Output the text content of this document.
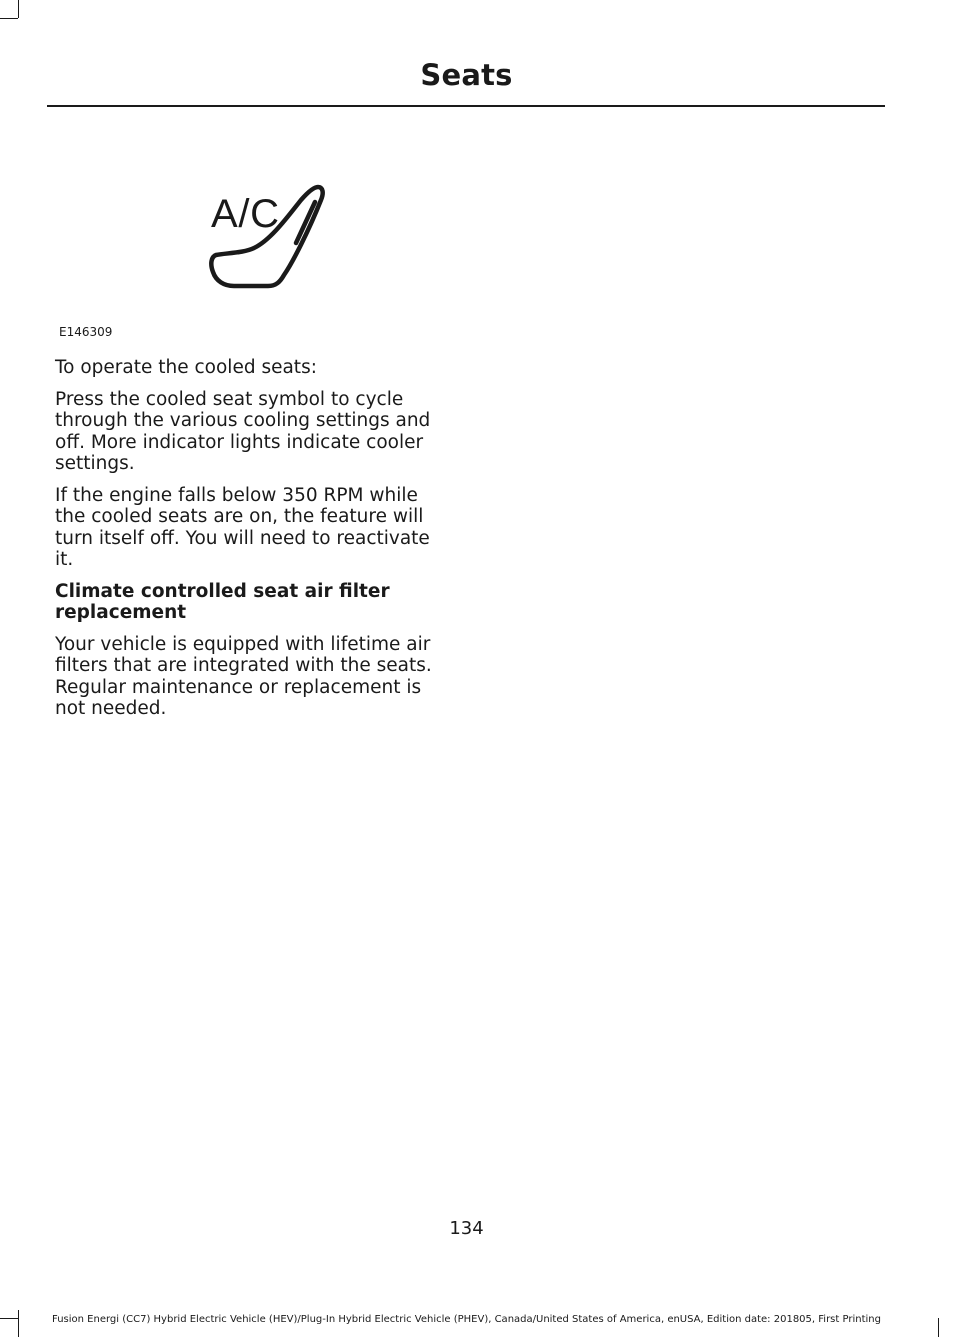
Seats
A/C
E146309

To operate the cooled seats:

Press the cooled seat symbol to cycle through the various cooling settings and off. More indicator lights indicate cooler settings.

If the engine falls below 350 RPM while the cooled seats are on, the feature will turn itself off. You will need to reactivate it.

Climate controlled seat air filter replacement

Your vehicle is equipped with lifetime air filters that are integrated with the seats. Regular maintenance or replacement is not needed.

134
Fusion Energi (CC7) Hybrid Electric Vehicle (HEV)/Plug-In Hybrid Electric Vehicle (PHEV), Canada/United States of America, enUSA, Edition date: 201805, First Printing
